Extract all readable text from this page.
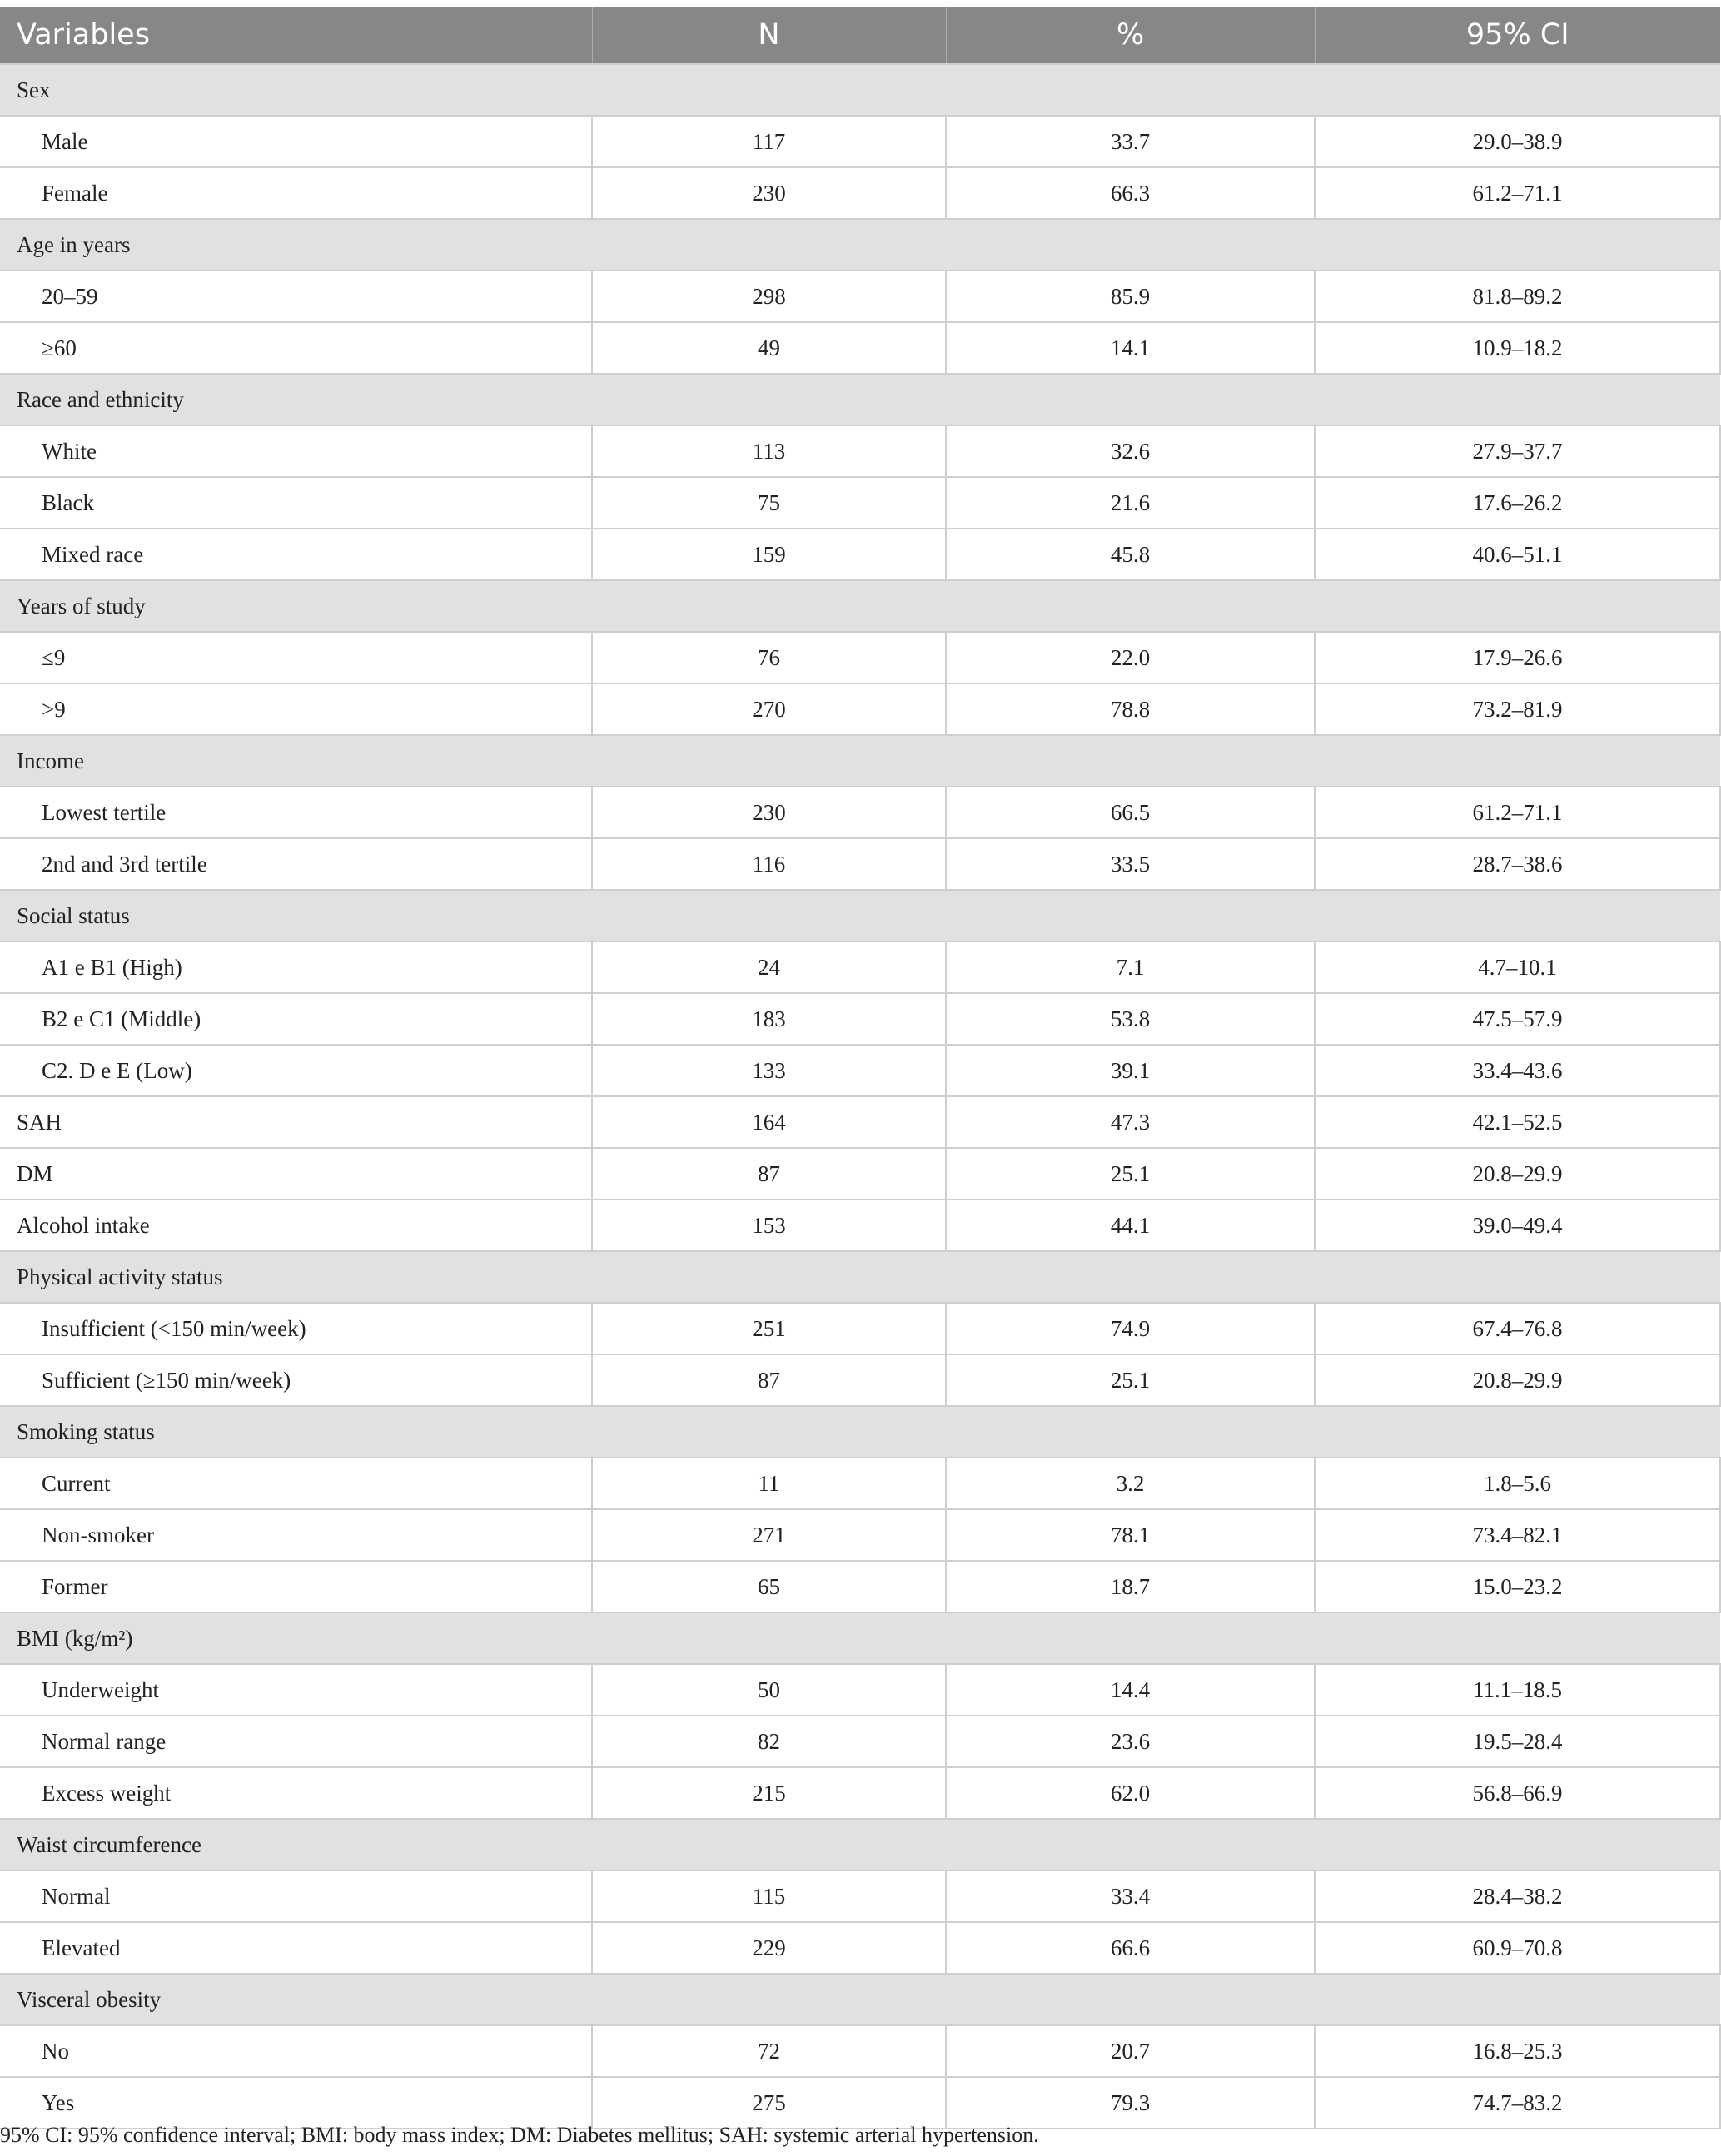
Variables	N	%	95% CI
Sex			
Male	117	33.7	29.0–38.9
Female	230	66.3	61.2–71.1
Age in years			
20–59	298	85.9	81.8–89.2
≥60	49	14.1	10.9–18.2
Race and ethnicity			
White	113	32.6	27.9–37.7
Black	75	21.6	17.6–26.2
Mixed race	159	45.8	40.6–51.1
Years of study			
≤9	76	22.0	17.9–26.6
>9	270	78.8	73.2–81.9
Income			
Lowest tertile	230	66.5	61.2–71.1
2nd and 3rd tertile	116	33.5	28.7–38.6
Social status			
A1 e B1 (High)	24	7.1	4.7–10.1
B2 e C1 (Middle)	183	53.8	47.5–57.9
C2. D e E (Low)	133	39.1	33.4–43.6
SAH	164	47.3	42.1–52.5
DM	87	25.1	20.8–29.9
Alcohol intake	153	44.1	39.0–49.4
Physical activity status			
Insufficient (<150 min/week)	251	74.9	67.4–76.8
Sufficient (≥150 min/week)	87	25.1	20.8–29.9
Smoking status			
Current	11	3.2	1.8–5.6
Non-smoker	271	78.1	73.4–82.1
Former	65	18.7	15.0–23.2
BMI (kg/m²)			
Underweight	50	14.4	11.1–18.5
Normal range	82	23.6	19.5–28.4
Excess weight	215	62.0	56.8–66.9
Waist circumference			
Normal	115	33.4	28.4–38.2
Elevated	229	66.6	60.9–70.8
Visceral obesity			
No	72	20.7	16.8–25.3
Yes	275	79.3	74.7–83.2
95% CI: 95% confidence interval; BMI: body mass index; DM: Diabetes mellitus; SAH: systemic arterial hypertension.
